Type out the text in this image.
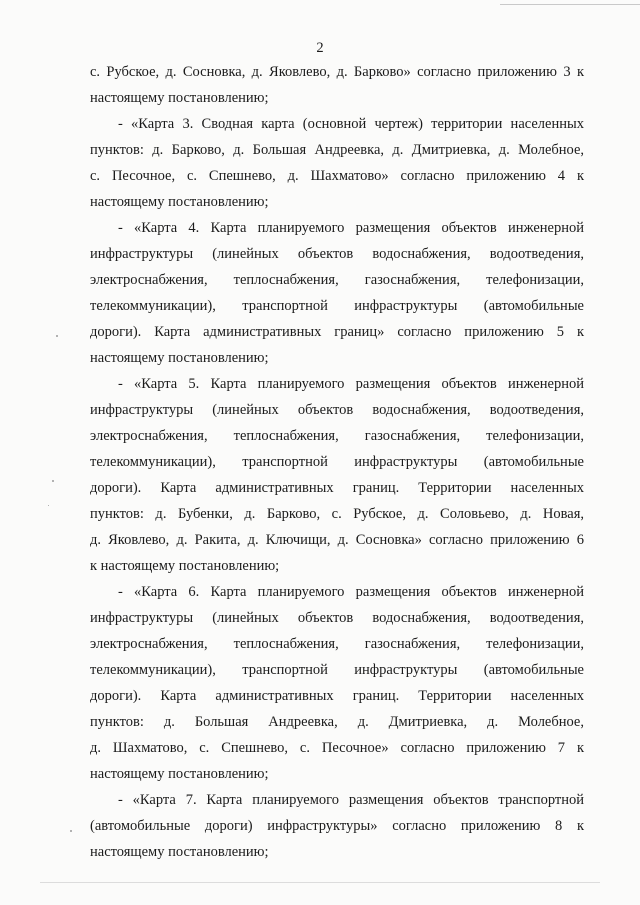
2
с. Рубское, д. Сосновка, д. Яковлево, д. Барково» согласно приложению 3 к
настоящему постановлению;
- «Карта 3. Сводная карта (основной чертеж) территории населенных
пунктов: д. Барково, д. Большая Андреевка, д. Дмитриевка, д. Молебное,
с. Песочное, с. Спешнево, д. Шахматово» согласно приложению 4 к
настоящему постановлению;
- «Карта 4. Карта планируемого размещения объектов инженерной
инфраструктуры (линейных объектов водоснабжения, водоотведения,
электроснабжения, теплоснабжения, газоснабжения, телефонизации,
телекоммуникации), транспортной инфраструктуры (автомобильные
дороги). Карта административных границ» согласно приложению 5 к
настоящему постановлению;
- «Карта 5. Карта планируемого размещения объектов инженерной
инфраструктуры (линейных объектов водоснабжения, водоотведения,
электроснабжения, теплоснабжения, газоснабжения, телефонизации,
телекоммуникации), транспортной инфраструктуры (автомобильные
дороги). Карта административных границ. Территории населенных
пунктов: д. Бубенки, д. Барково, с. Рубское, д. Соловьево, д. Новая,
д. Яковлево, д. Ракита, д. Ключищи, д. Сосновка» согласно приложению 6
к настоящему постановлению;
- «Карта 6. Карта планируемого размещения объектов инженерной
инфраструктуры (линейных объектов водоснабжения, водоотведения,
электроснабжения, теплоснабжения, газоснабжения, телефонизации,
телекоммуникации), транспортной инфраструктуры (автомобильные
дороги). Карта административных границ. Территории населенных
пунктов: д. Большая Андреевка, д. Дмитриевка, д. Молебное,
д. Шахматово, с. Спешнево, с. Песочное» согласно приложению 7 к
настоящему постановлению;
- «Карта 7. Карта планируемого размещения объектов транспортной
(автомобильные дороги) инфраструктуры» согласно приложению 8 к
настоящему постановлению;
